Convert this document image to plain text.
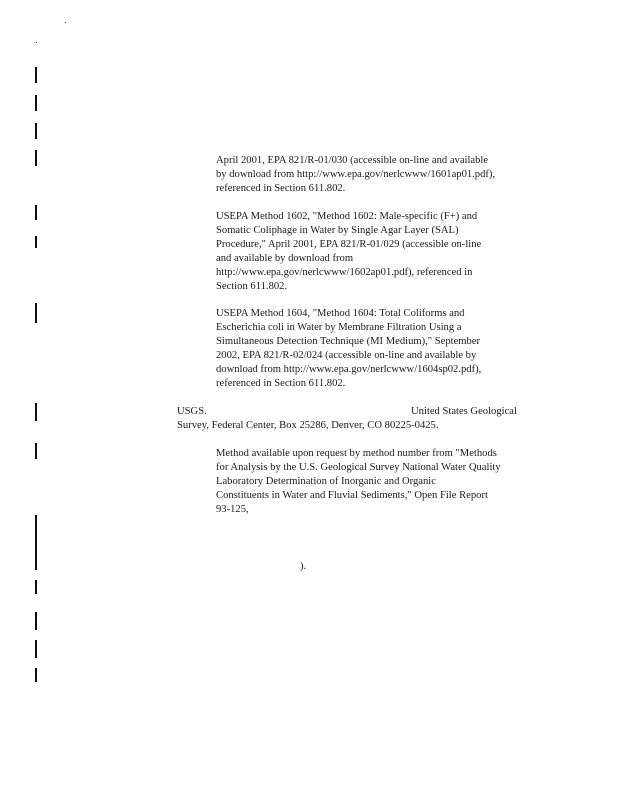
April 2001, EPA 821/R-01/030 (accessible on-line and available
by download from http://www.epa.gov/nerlcwww/1601ap01.pdf),
referenced in Section 611.802.
USEPA Method 1602, "Method 1602: Male-specific (F+) and
Somatic Coliphage in Water by Single Agar Layer (SAL)
Procedure," April 2001, EPA 821/R-01/029 (accessible on-line
and available by download from
http://www.epa.gov/nerlcwww/1602ap01.pdf), referenced in
Section 611.802.
USEPA Method 1604, "Method 1604: Total Coliforms and
Escherichia coli in Water by Membrane Filtration Using a
Simultaneous Detection Technique (MI Medium)," September
2002, EPA 821/R-02/024 (accessible on-line and available by
download from http://www.epa.gov/nerlcwww/1604sp02.pdf),
referenced in Section 611.802.
USGS.	United States Geological
Survey, Federal Center, Box 25286, Denver, CO 80225-0425.
Method available upon request by method number from "Methods
for Analysis by the U.S. Geological Survey National Water Quality
Laboratory Determination of Inorganic and Organic
Constituents in Water and Fluvial Sediments," Open File Report
93-125,
).
